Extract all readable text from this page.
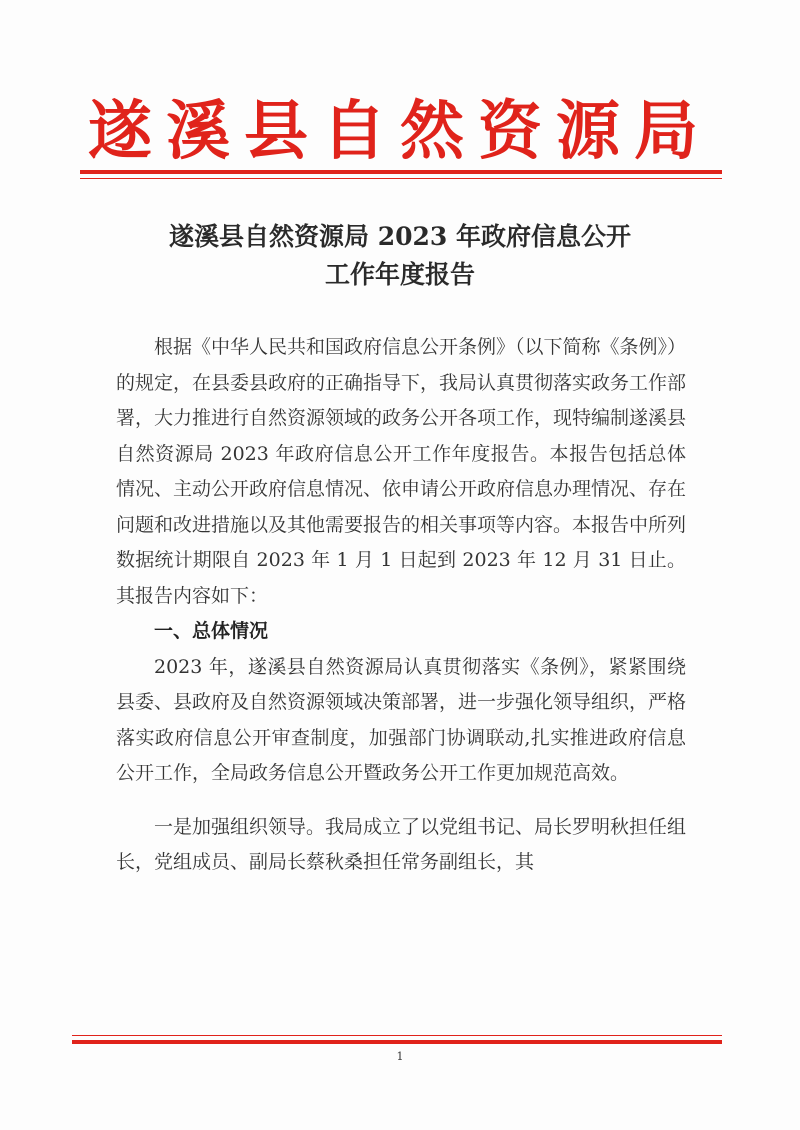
遂溪县自然资源局
遂溪县自然资源局 2023 年政府信息公开
工作年度报告

根据《中华人民共和国政府信息公开条例》（以下简称《条例》）的规定，在县委县政府的正确指导下，我局认真贯彻落实政务工作部署，大力推进行自然资源领域的政务公开各项工作，现特编制遂溪县自然资源局 2023 年政府信息公开工作年度报告。本报告包括总体情况、主动公开政府信息情况、依申请公开政府信息办理情况、存在问题和改进措施以及其他需要报告的相关事项等内容。本报告中所列数据统计期限自 2023 年 1 月 1 日起到 2023 年 12 月 31 日止。其报告内容如下：

一、总体情况

2023 年，遂溪县自然资源局认真贯彻落实《条例》，紧紧围绕县委、县政府及自然资源领域决策部署，进一步强化领导组织，严格落实政府信息公开审查制度，加强部门协调联动,扎实推进政府信息公开工作，全局政务信息公开暨政务公开工作更加规范高效。

一是加强组织领导。我局成立了以党组书记、局长罗明秋担任组长，党组成员、副局长蔡秋桑担任常务副组长，其

1
